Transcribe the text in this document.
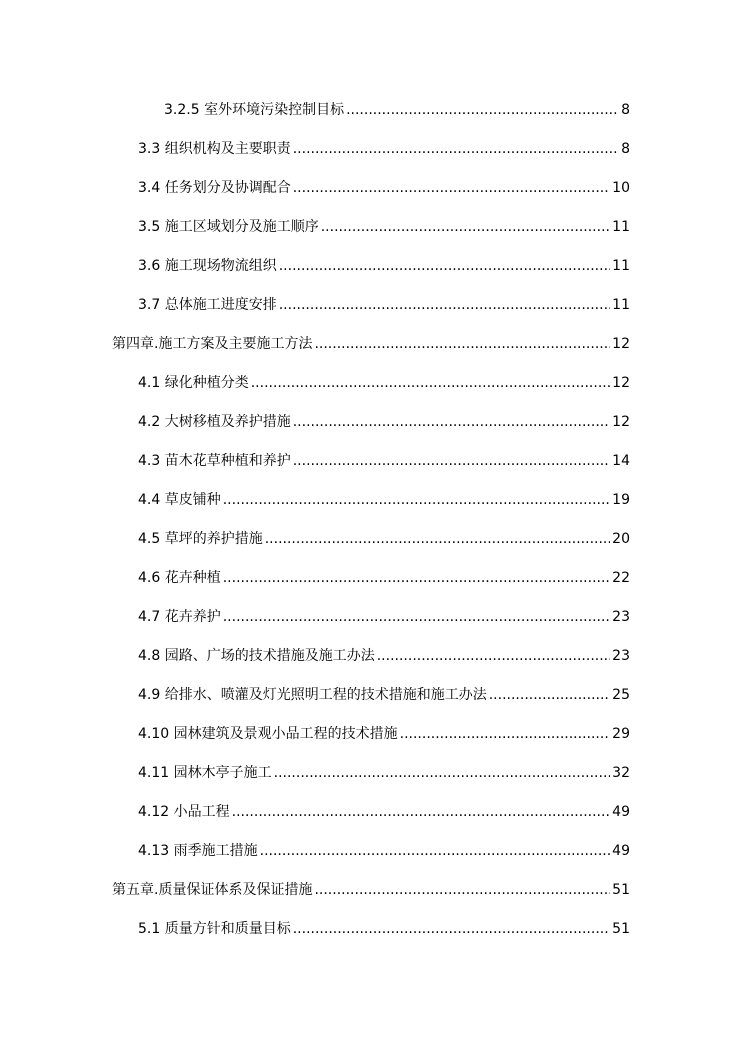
3.2.5 室外环境污染控制目标 .....	8
3.3 组织机构及主要职责 .....	8
3.4 任务划分及协调配合 .....	10
3.5 施工区域划分及施工顺序 .....	11
3.6 施工现场物流组织 .....	11
3.7 总体施工进度安排 .....	11
第四章.施工方案及主要施工方法 .....	12
4.1 绿化种植分类 .....	12
4.2 大树移植及养护措施 .....	12
4.3 苗木花草种植和养护 .....	14
4.4 草皮铺种 .....	19
4.5 草坪的养护措施 .....	20
4.6 花卉种植 .....	22
4.7 花卉养护 .....	23
4.8 园路、广场的技术措施及施工办法 .....	23
4.9 给排水、喷灌及灯光照明工程的技术措施和施工办法 .....	25
4.10 园林建筑及景观小品工程的技术措施 .....	29
4.11 园林木亭子施工 .....	32
4.12 小品工程 .....	49
4.13 雨季施工措施 .....	49
第五章.质量保证体系及保证措施 .....	51
5.1 质量方针和质量目标 .....	51
